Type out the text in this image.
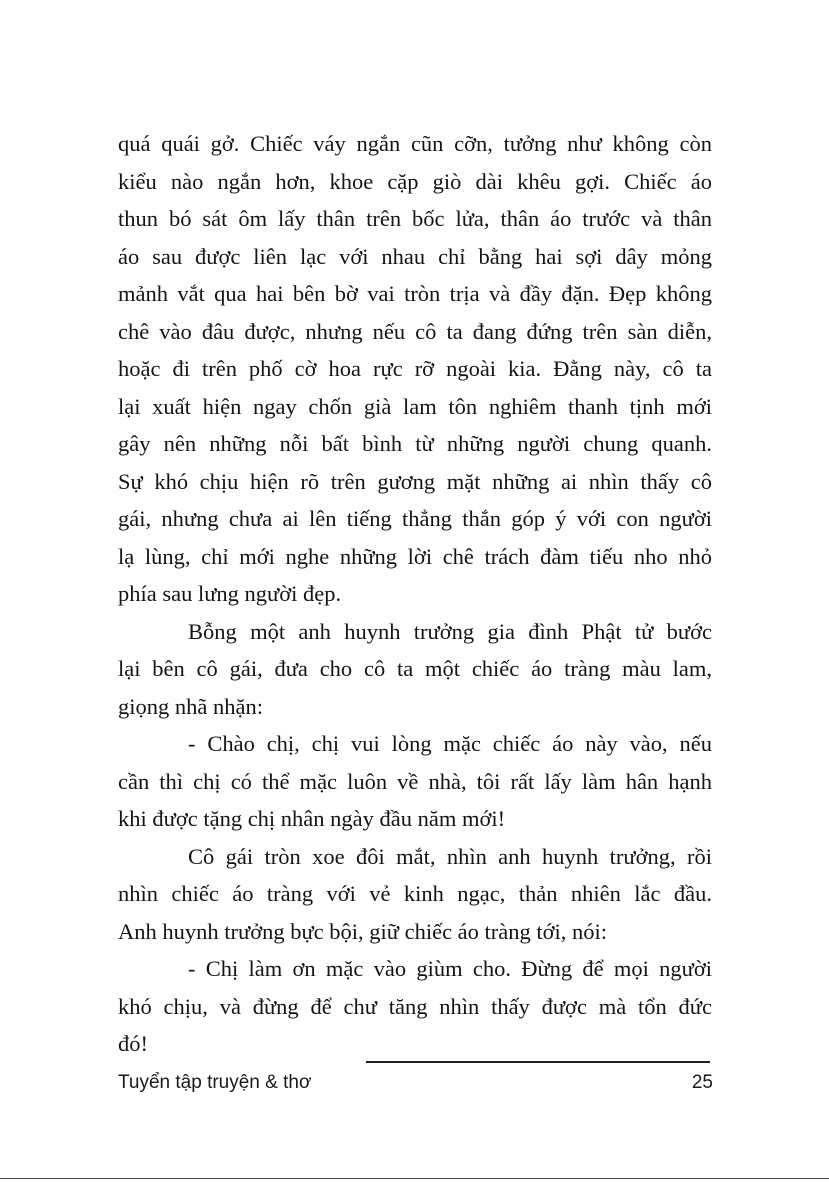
quá quái gở. Chiếc váy ngắn cũn cỡn, tưởng như không còn
kiểu nào ngắn hơn, khoe cặp giò dài khêu gợi. Chiếc áo
thun bó sát ôm lấy thân trên bốc lửa, thân áo trước và thân
áo sau được liên lạc với nhau chỉ bằng hai sợi dây mỏng
mảnh vắt qua hai bên bờ vai tròn trịa và đầy đặn. Đẹp không
chê vào đâu được, nhưng nếu cô ta đang đứng trên sàn diễn,
hoặc đi trên phố cờ hoa rực rỡ ngoài kia. Đằng này, cô ta
lại xuất hiện ngay chốn già lam tôn nghiêm thanh tịnh mới
gây nên những nỗi bất bình từ những người chung quanh.
Sự khó chịu hiện rõ trên gương mặt những ai nhìn thấy cô
gái, nhưng chưa ai lên tiếng thẳng thắn góp ý với con người
lạ lùng, chỉ mới nghe những lời chê trách đàm tiếu nho nhỏ
phía sau lưng người đẹp.
Bỗng một anh huynh trưởng gia đình Phật tử bước
lại bên cô gái, đưa cho cô ta một chiếc áo tràng màu lam,
giọng nhã nhặn:
- Chào chị, chị vui lòng mặc chiếc áo này vào, nếu
cần thì chị có thể mặc luôn về nhà, tôi rất lấy làm hân hạnh
khi được tặng chị nhân ngày đầu năm mới!
Cô gái tròn xoe đôi mắt, nhìn anh huynh trưởng, rồi
nhìn chiếc áo tràng với vẻ kinh ngạc, thản nhiên lắc đầu.
Anh huynh trưởng bực bội, giữ chiếc áo tràng tới, nói:
- Chị làm ơn mặc vào giùm cho. Đừng để mọi người
khó chịu, và đừng để chư tăng nhìn thấy được mà tổn đức
đó!
Tuyển tập truyện & thơ	25
